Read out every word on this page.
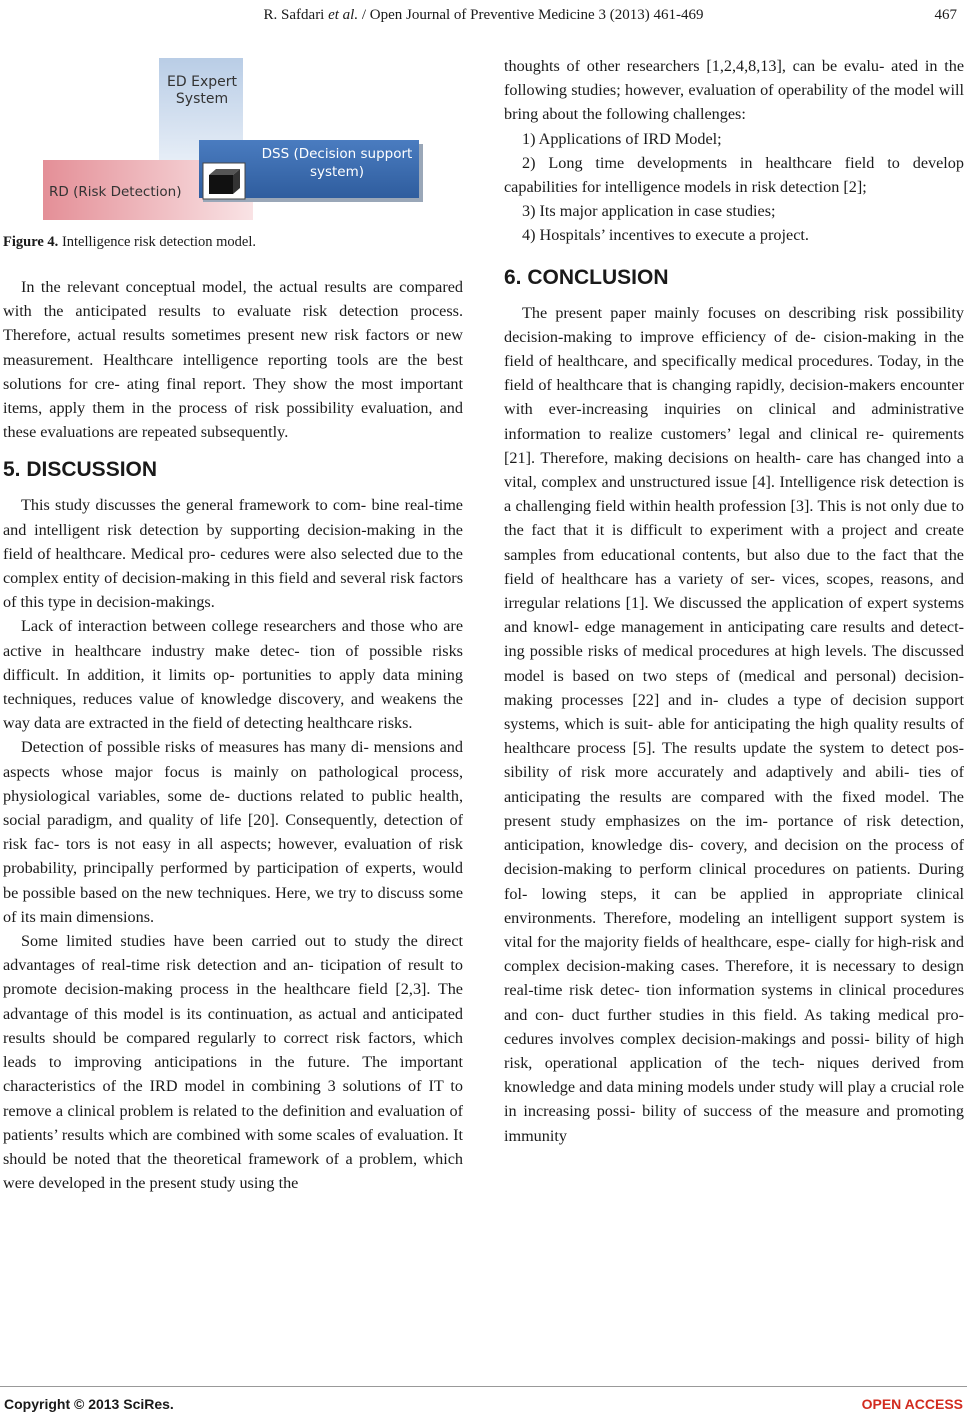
R. Safdari et al. / Open Journal of Preventive Medicine 3 (2013) 461-469	467
ED Expert
System
DSS (Decision support
system)
RD (Risk Detection)

Figure 4. Intelligence risk detection model.

In the relevant conceptual model, the actual results are compared with the anticipated results to evaluate risk detection process. Therefore, actual results sometimes present new risk factors or new measurement. Healthcare intelligence reporting tools are the best solutions for cre- ating final report. They show the most important items, apply them in the process of risk possibility evaluation, and these evaluations are repeated subsequently.

5. DISCUSSION

This study discusses the general framework to com- bine real-time and intelligent risk detection by supporting decision-making in the field of healthcare. Medical pro- cedures were also selected due to the complex entity of decision-making in this field and several risk factors of this type in decision-makings.

Lack of interaction between college researchers and those who are active in healthcare industry make detec- tion of possible risks difficult. In addition, it limits op- portunities to apply data mining techniques, reduces value of knowledge discovery, and weakens the way data are extracted in the field of detecting healthcare risks.

Detection of possible risks of measures has many di- mensions and aspects whose major focus is mainly on pathological process, physiological variables, some de- ductions related to public health, social paradigm, and quality of life [20]. Consequently, detection of risk fac- tors is not easy in all aspects; however, evaluation of risk probability, principally performed by participation of experts, would be possible based on the new techniques. Here, we try to discuss some of its main dimensions.

Some limited studies have been carried out to study the direct advantages of real-time risk detection and an- ticipation of result to promote decision-making process in the healthcare field [2,3]. The advantage of this model is its continuation, as actual and anticipated results should be compared regularly to correct risk factors, which leads to improving anticipations in the future. The important characteristics of the IRD model in combining 3 solutions of IT to remove a clinical problem is related to the definition and evaluation of patients’ results which are combined with some scales of evaluation. It should be noted that the theoretical framework of a problem, which were developed in the present study using the

thoughts of other researchers [1,2,4,8,13], can be evalu- ated in the following studies; however, evaluation of operability of the model will bring about the following challenges:

1) Applications of IRD Model;

2) Long time developments in healthcare field to develop capabilities for intelligence models in risk detection [2];

3) Its major application in case studies;

4) Hospitals’ incentives to execute a project.

6. CONCLUSION

The present paper mainly focuses on describing risk possibility decision-making to improve efficiency of de- cision-making in the field of healthcare, and specifically medical procedures. Today, in the field of healthcare that is changing rapidly, decision-makers encounter with ever-increasing inquiries on clinical and administrative information to realize customers’ legal and clinical re- quirements [21]. Therefore, making decisions on health- care has changed into a vital, complex and unstructured issue [4]. Intelligence risk detection is a challenging field within health profession [3]. This is not only due to the fact that it is difficult to experiment with a project and create samples from educational contents, but also due to the fact that the field of healthcare has a variety of ser- vices, scopes, reasons, and irregular relations [1]. We discussed the application of expert systems and knowl- edge management in anticipating care results and detect- ing possible risks of medical procedures at high levels. The discussed model is based on two steps of (medical and personal) decision-making processes [22] and in- cludes a type of decision support systems, which is suit- able for anticipating the high quality results of healthcare process [5]. The results update the system to detect pos- sibility of risk more accurately and adaptively and abili- ties of anticipating the results are compared with the fixed model. The present study emphasizes on the im- portance of risk detection, anticipation, knowledge dis- covery, and decision on the process of decision-making to perform clinical procedures on patients. During fol- lowing steps, it can be applied in appropriate clinical environments. Therefore, modeling an intelligent support system is vital for the majority fields of healthcare, espe- cially for high-risk and complex decision-making cases. Therefore, it is necessary to design real-time risk detec- tion information systems in clinical procedures and con- duct further studies in this field. As taking medical pro- cedures involves complex decision-makings and possi- bility of high risk, operational application of the tech- niques derived from knowledge and data mining models under study will play a crucial role in increasing possi- bility of success of the measure and promoting immunity

Copyright © 2013 SciRes.	OPEN ACCESS
